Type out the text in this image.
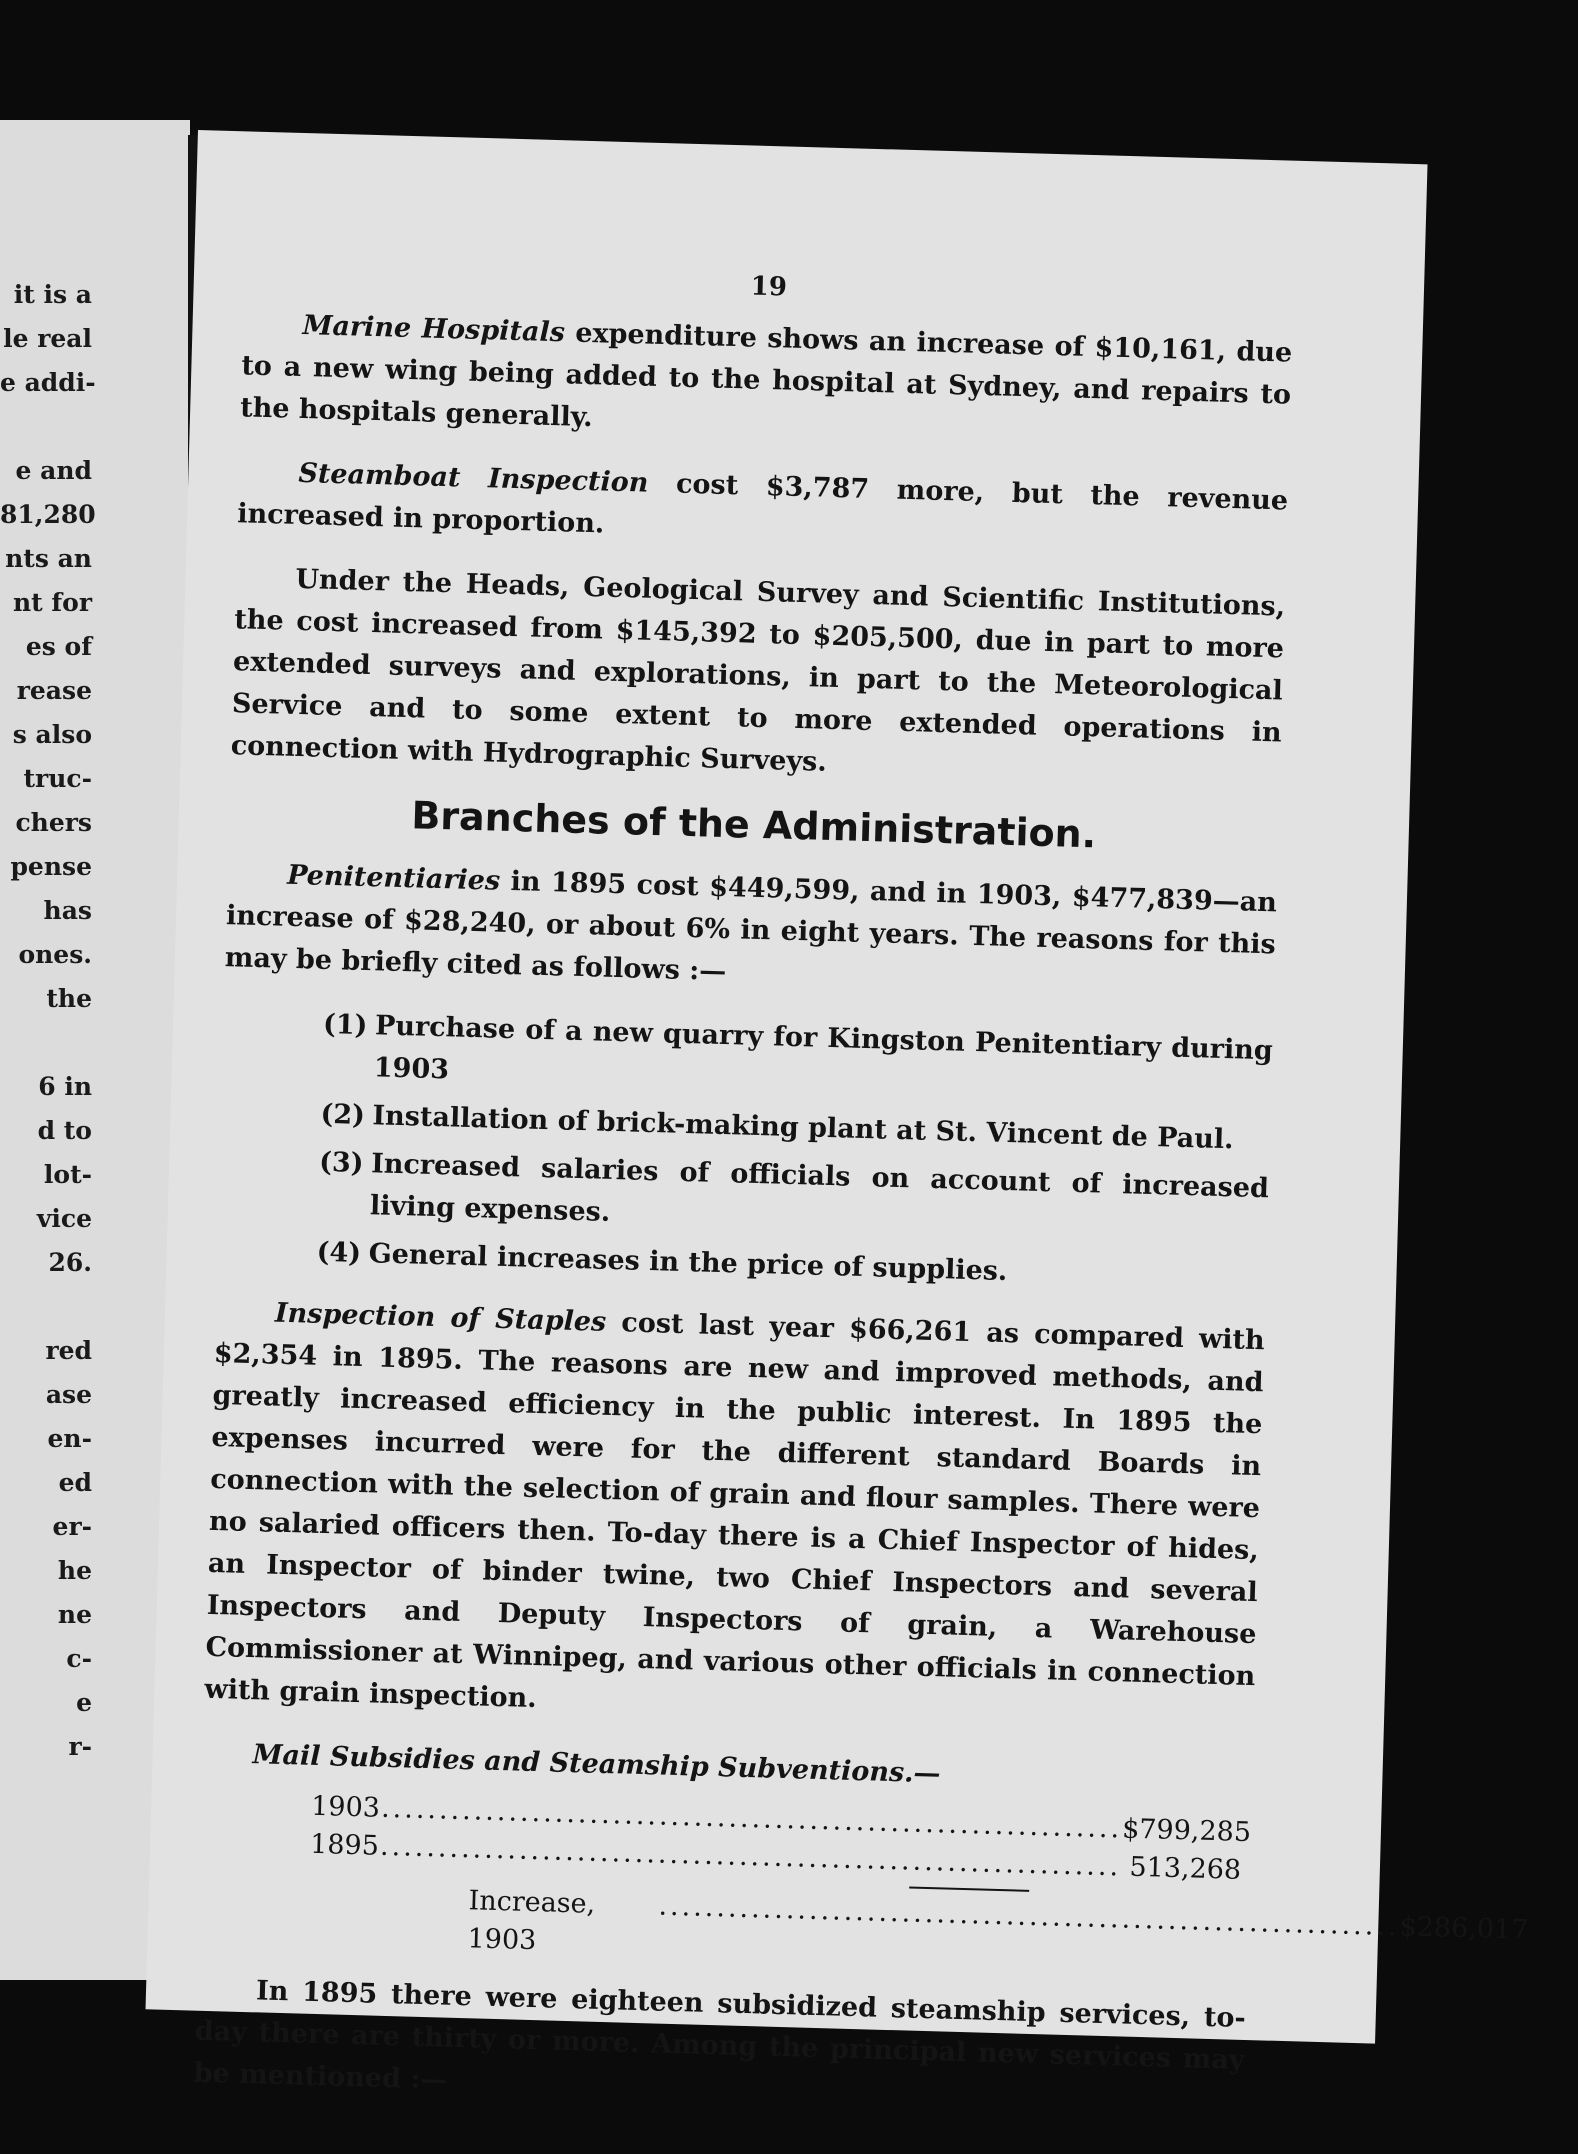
it is a
le real
e addi-
e and
81,280
nts an
nt for
es of
rease
s also
truc-
chers
pense
has
ones.
the
6 in
d to
lot-
vice
26.
red
ase
en-
ed
er-
he
ne
c-
e
r-
19

Marine Hospitals expenditure shows an increase of $10,161, due to a new wing being added to the hospital at Sydney, and repairs to the hospitals generally.

Steamboat Inspection cost $3,787 more, but the revenue increased in proportion.

Under the Heads, Geological Survey and Scientific Institutions, the cost increased from $145,392 to $205,500, due in part to more extended surveys and explorations, in part to the Meteorological Service and to some extent to more extended operations in connection with Hydrographic Surveys.

Branches of the Administration.

Penitentiaries in 1895 cost $449,599, and in 1903, $477,839—an increase of $28,240, or about 6% in eight years. The reasons for this may be briefly cited as follows :—

(1) Purchase of a new quarry for Kingston Penitentiary during 1903
(2) Installation of brick-making plant at St. Vincent de Paul.
(3) Increased salaries of officials on account of increased living expenses.
(4) General increases in the price of supplies.

Inspection of Staples cost last year $66,261 as compared with $2,354 in 1895. The reasons are new and improved methods, and greatly increased efficiency in the public interest. In 1895 the expenses incurred were for the different standard Boards in connection with the selection of grain and flour samples. There were no salaried officers then. To-day there is a Chief Inspector of hides, an Inspector of binder twine, two Chief Inspectors and several Inspectors and Deputy Inspectors of grain, a Warehouse Commissioner at Winnipeg, and various other officials in connection with grain inspection.

Mail Subsidies and Steamship Subventions.—
1903 ................................................................ $799,285
1895 ................................................................ 513,268
Increase, 1903	................................................................ $286,017

In 1895 there were eighteen subsidized steamship services, to-day there are thirty or more. Among the principal new services may be mentioned :—
